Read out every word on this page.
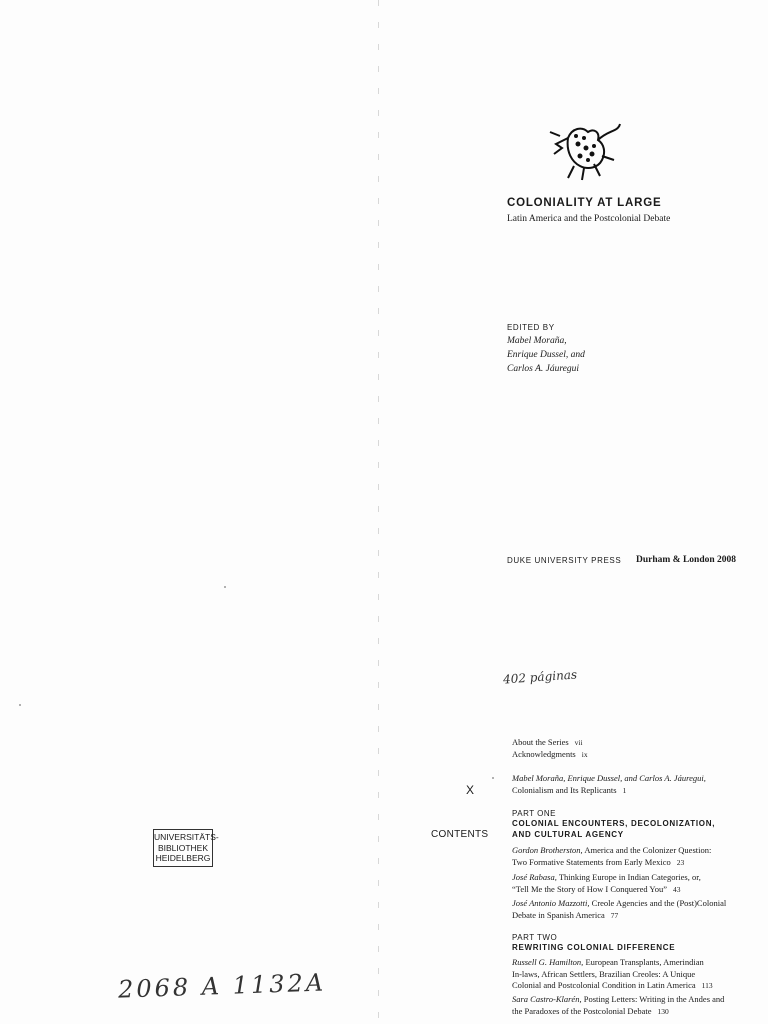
COLONIALITY AT LARGE
Latin America and the Postcolonial Debate
EDITED BY
Mabel Moraña,
Enrique Dussel, and
Carlos A. Jáuregui
DUKE UNIVERSITY PRESS Durham & London 2008
402 páginas
X
CONTENTS
About the Series vii
Acknowledgments ix
Mabel Moraña, Enrique Dussel, and Carlos A. Jáuregui,
Colonialism and Its Replicants 1
PART ONE
COLONIAL ENCOUNTERS, DECOLONIZATION,
AND CULTURAL AGENCY
Gordon Brotherston, America and the Colonizer Question:
Two Formative Statements from Early Mexico 23
José Rabasa, Thinking Europe in Indian Categories, or,
“Tell Me the Story of How I Conquered You” 43
José Antonio Mazzotti, Creole Agencies and the (Post)Colonial
Debate in Spanish America 77
PART TWO
REWRITING COLONIAL DIFFERENCE
Russell G. Hamilton, European Transplants, Amerindian
In-laws, African Settlers, Brazilian Creoles: A Unique
Colonial and Postcolonial Condition in Latin America 113
Sara Castro-Klarén, Posting Letters: Writing in the Andes and
the Paradoxes of the Postcolonial Debate 130
UNIVERSITÄTS-
BIBLIOTHEK
HEIDELBERG
2068 A 1132A
